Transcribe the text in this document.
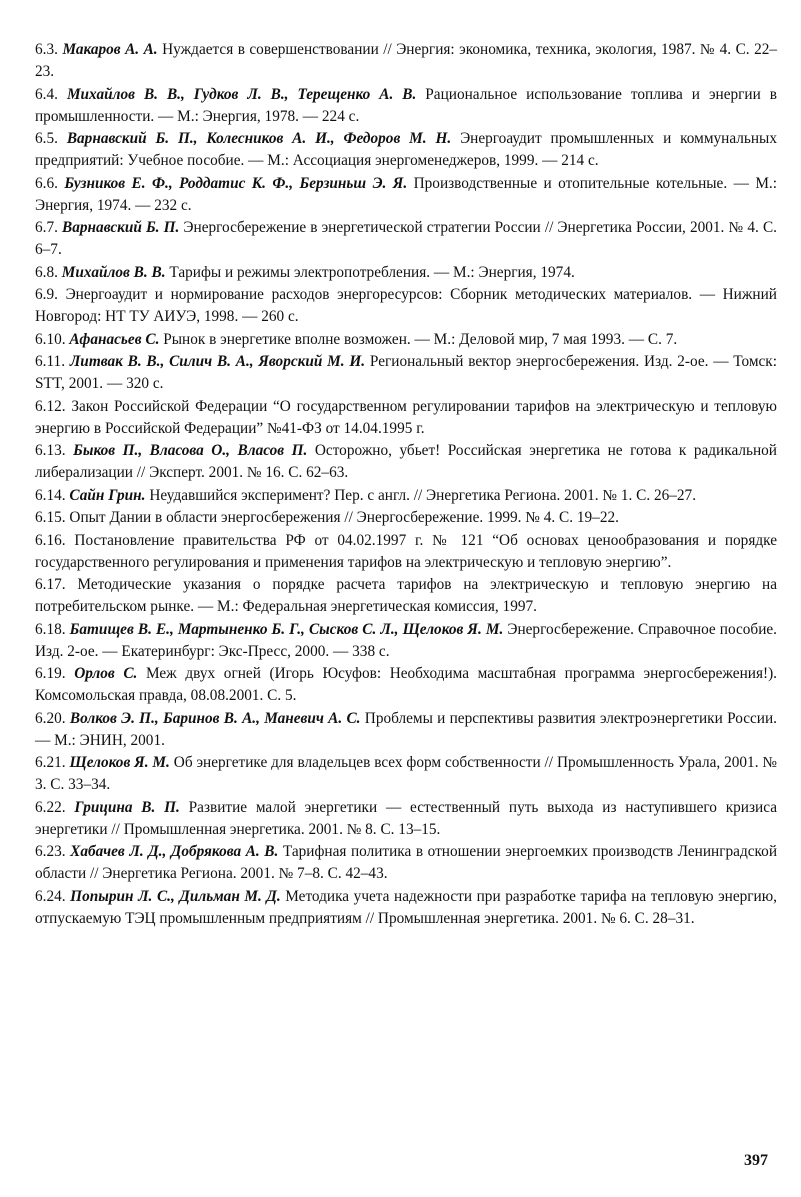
6.3. Макаров А. А. Нуждается в совершенствовании // Энергия: экономика, техника, экология, 1987. № 4. С. 22–23.
6.4. Михайлов В. В., Гудков Л. В., Терещенко А. В. Рациональное использование топлива и энергии в промышленности. — М.: Энергия, 1978. — 224 с.
6.5. Варнавский Б. П., Колесников А. И., Федоров М. Н. Энергоаудит промышленных и коммунальных предприятий: Учебное пособие. — М.: Ассоциация энергоменеджеров, 1999. — 214 с.
6.6. Бузников Е. Ф., Роддатис К. Ф., Берзиньш Э. Я. Производственные и отопительные котельные. — М.: Энергия, 1974. — 232 с.
6.7. Варнавский Б. П. Энергосбережение в энергетической стратегии России // Энергетика России, 2001. № 4. С. 6–7.
6.8. Михайлов В. В. Тарифы и режимы электропотребления. — М.: Энергия, 1974.
6.9. Энергоаудит и нормирование расходов энергоресурсов: Сборник методических материалов. — Нижний Новгород: НТ ТУ АИУЭ, 1998. — 260 с.
6.10. Афанасьев С. Рынок в энергетике вполне возможен. — М.: Деловой мир, 7 мая 1993. — С. 7.
6.11. Литвак В. В., Силич В. А., Яворский М. И. Региональный вектор энергосбережения. Изд. 2-ое. — Томск: STT, 2001. — 320 с.
6.12. Закон Российской Федерации “О государственном регулировании тарифов на электрическую и тепловую энергию в Российской Федерации” №41-ФЗ от 14.04.1995 г.
6.13. Быков П., Власова О., Власов П. Осторожно, убьет! Российская энергетика не готова к радикальной либерализации // Эксперт. 2001. № 16. С. 62–63.
6.14. Сайн Грин. Неудавшийся эксперимент? Пер. с англ. // Энергетика Региона. 2001. № 1. С. 26–27.
6.15. Опыт Дании в области энергосбережения // Энергосбережение. 1999. № 4. С. 19–22.
6.16. Постановление правительства РФ от 04.02.1997 г. № 121 “Об основах ценообразования и порядке государственного регулирования и применения тарифов на электрическую и тепловую энергию”.
6.17. Методические указания о порядке расчета тарифов на электрическую и тепловую энергию на потребительском рынке. — М.: Федеральная энергетическая комиссия, 1997.
6.18. Батищев В. Е., Мартыненко Б. Г., Сысков С. Л., Щелоков Я. М. Энергосбережение. Справочное пособие. Изд. 2-ое. — Екатеринбург: Экс-Пресс, 2000. — 338 с.
6.19. Орлов С. Меж двух огней (Игорь Юсуфов: Необходима масштабная программа энергосбережения!). Комсомольская правда, 08.08.2001. С. 5.
6.20. Волков Э. П., Баринов В. А., Маневич А. С. Проблемы и перспективы развития электроэнергетики России. — М.: ЭНИН, 2001.
6.21. Щелоков Я. М. Об энергетике для владельцев всех форм собственности // Промышленность Урала, 2001. № 3. С. 33–34.
6.22. Грицина В. П. Развитие малой энергетики — естественный путь выхода из наступившего кризиса энергетики // Промышленная энергетика. 2001. № 8. С. 13–15.
6.23. Хабачев Л. Д., Добрякова А. В. Тарифная политика в отношении энергоемких производств Ленинградской области // Энергетика Региона. 2001. № 7–8. С. 42–43.
6.24. Попырин Л. С., Дильман М. Д. Методика учета надежности при разработке тарифа на тепловую энергию, отпускаемую ТЭЦ промышленным предприятиям // Промышленная энергетика. 2001. № 6. С. 28–31.
397
